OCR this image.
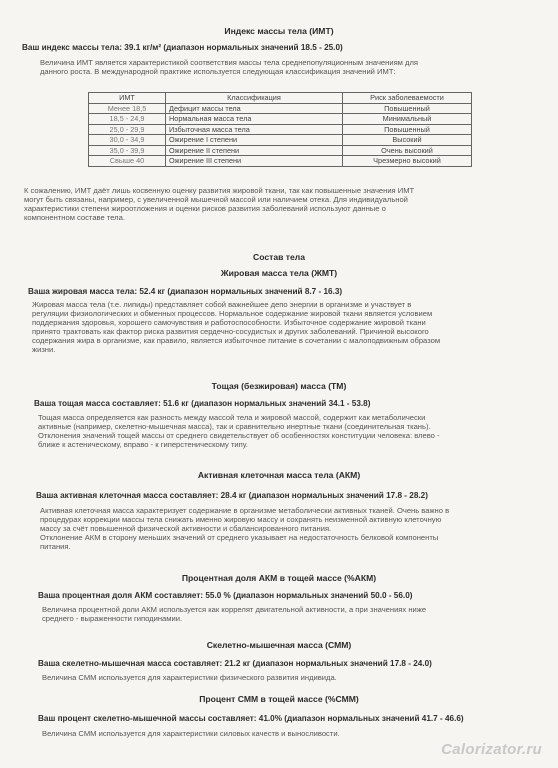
Индекс массы тела (ИМТ)
Ваш индекс массы тела: 39.1 кг/м² (диапазон нормальных значений 18.5 - 25.0)
Величина ИМТ является характеристикой соответствия массы тела среднепопуляционным значениям для
данного роста. В международной практике используется следующая классификация значений ИМТ:
ИМТ	Классификация	Риск заболеваемости
Менее 18,5	Дефицит массы тела	Повышенный
18,5 - 24,9	Нормальная масса тела	Минимальный
25,0 - 29,9	Избыточная масса тела	Повышенный
30,0 - 34,9	Ожирение I степени	Высокий
35,0 - 39,9	Ожирение II степени	Очень высокий
Свыше 40	Ожирение III степени	Чрезмерно высокий
К сожалению, ИМТ даёт лишь косвенную оценку развития жировой ткани, так как повышенные значения ИМТ
могут быть связаны, например, с увеличенной мышечной массой или наличием отека. Для индивидуальной
характеристики степени жироотложения и оценки рисков развития заболеваний используют данные о
компонентном составе тела.
Состав тела
Жировая масса тела (ЖМТ)
Ваша жировая масса тела: 52.4 кг (диапазон нормальных значений 8.7 - 16.3)
Жировая масса тела (т.е. липиды) представляет собой важнейшее депо энергии в организме и участвует в
регуляции физиологических и обменных процессов. Нормальное содержание жировой ткани является условием
поддержания здоровья, хорошего самочувствия и работоспособности. Избыточное содержание жировой ткани
принято трактовать как фактор риска развития сердечно-сосудистых и других заболеваний. Причиной высокого
содержания жира в организме, как правило, является избыточное питание в сочетании с малоподвижным образом
жизни.
Тощая (безжировая) масса (ТМ)
Ваша тощая масса составляет: 51.6 кг (диапазон нормальных значений 34.1 - 53.8)
Тощая масса определяется как разность между массой тела и жировой массой, содержит как метаболически
активные (например, скелетно-мышечная масса), так и сравнительно инертные ткани (соединительная ткань).
Отклонения значений тощей массы от среднего свидетельствует об особенностях конституции человека: влево -
ближе к астеническому, вправо - к гиперстеническому типу.
Активная клеточная масса тела (АКМ)
Ваша активная клеточная масса составляет: 28.4 кг (диапазон нормальных значений 17.8 - 28.2)
Активная клеточная масса характеризует содержание в организме метаболически активных тканей. Очень важно в
процедурах коррекции массы тела снижать именно жировую массу и сохранять неизменной активную клеточную
массу за счёт повышенной физической активности и сбалансированного питания.
Отклонение АКМ в сторону меньших значений от среднего указывает на недостаточность белковой компоненты
питания.
Процентная доля АКМ в тощей массе (%АКМ)
Ваша процентная доля АКМ составляет: 55.0 % (диапазон нормальных значений 50.0 - 56.0)
Величина процентной доли АКМ используется как коррелят двигательной активности, а при значениях ниже
среднего - выраженности гиподинамии.
Скелетно-мышечная масса (СММ)
Ваша скелетно-мышечная масса составляет: 21.2 кг (диапазон нормальных значений 17.8 - 24.0)
Величина СММ используется для характеристики физического развития индивида.
Процент СММ в тощей массе (%СММ)
Ваш процент скелетно-мышечной массы составляет: 41.0% (диапазон нормальных значений 41.7 - 46.6)
Величина СММ используется для характеристики силовых качеств и выносливости.
Calorizator.ru
